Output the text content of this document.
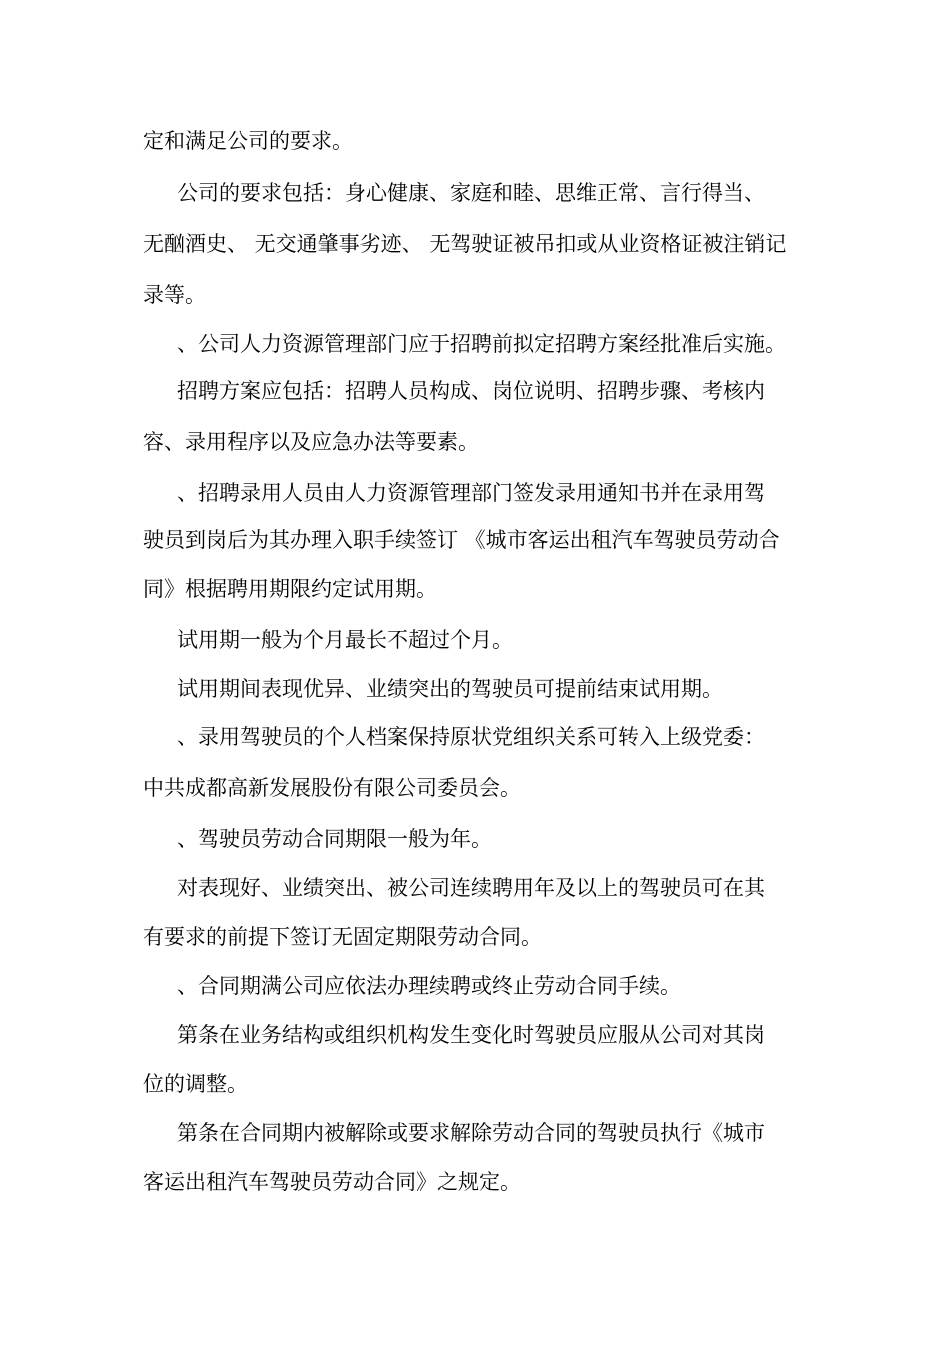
定和满足公司的要求。
公司的要求包括：身心健康、家庭和睦、思维正常、言行得当、
无酗酒史、 无交通肇事劣迹、 无驾驶证被吊扣或从业资格证被注销记
录等。
、公司人力资源管理部门应于招聘前拟定招聘方案经批准后实施。
招聘方案应包括：招聘人员构成、岗位说明、招聘步骤、考核内
容、录用程序以及应急办法等要素。
、招聘录用人员由人力资源管理部门签发录用通知书并在录用驾
驶员到岗后为其办理入职手续签订 《城市客运出租汽车驾驶员劳动合
同》根据聘用期限约定试用期。
试用期一般为个月最长不超过个月。
试用期间表现优异、业绩突出的驾驶员可提前结束试用期。
、录用驾驶员的个人档案保持原状党组织关系可转入上级党委：
中共成都高新发展股份有限公司委员会。
、驾驶员劳动合同期限一般为年。
对表现好、业绩突出、被公司连续聘用年及以上的驾驶员可在其
有要求的前提下签订无固定期限劳动合同。
、合同期满公司应依法办理续聘或终止劳动合同手续。
第条在业务结构或组织机构发生变化时驾驶员应服从公司对其岗
位的调整。
第条在合同期内被解除或要求解除劳动合同的驾驶员执行《城市
客运出租汽车驾驶员劳动合同》之规定。
